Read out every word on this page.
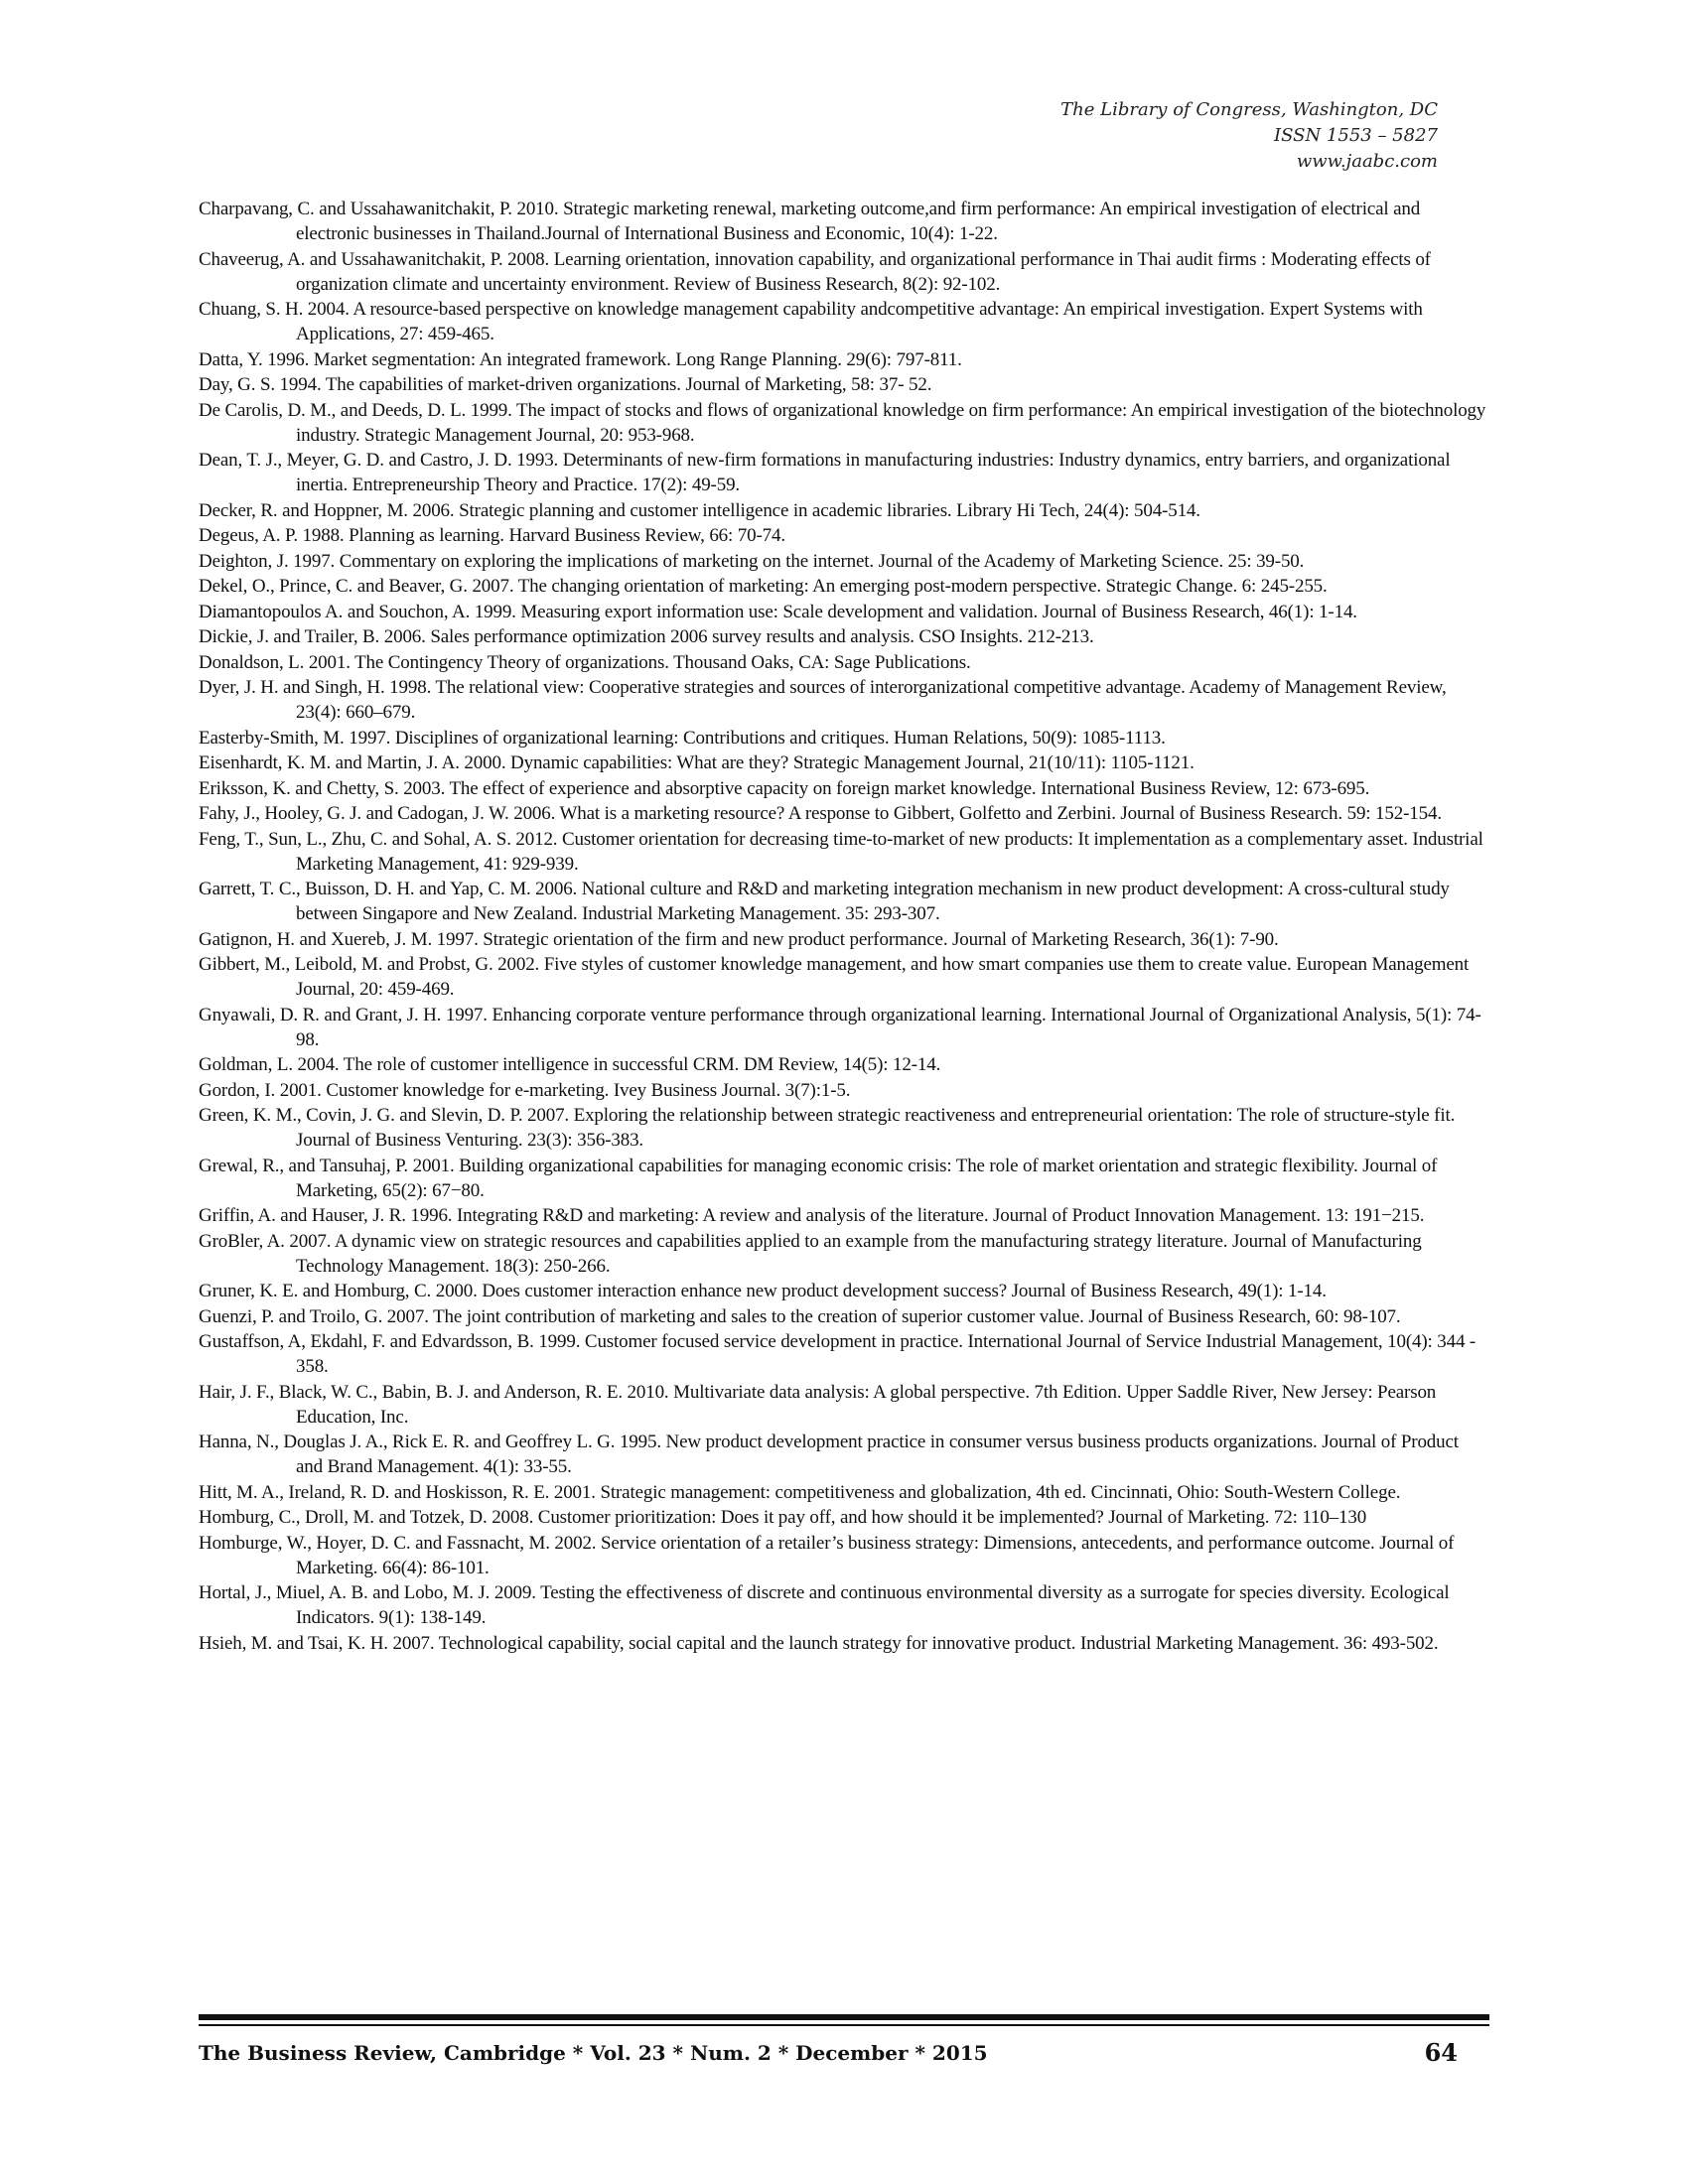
The Library of Congress, Washington, DC
ISSN 1553 – 5827
www.jaabc.com
Charpavang, C. and Ussahawanitchakit, P. 2010. Strategic marketing renewal, marketing outcome,and firm performance: An empirical investigation of electrical and electronic businesses in Thailand.Journal of International Business and Economic, 10(4): 1-22.
Chaveerug, A. and Ussahawanitchakit, P. 2008. Learning orientation, innovation capability, and organizational performance in Thai audit firms : Moderating effects of organization climate and uncertainty environment. Review of Business Research, 8(2): 92-102.
Chuang, S. H. 2004. A resource-based perspective on knowledge management capability andcompetitive advantage: An empirical investigation. Expert Systems with Applications, 27: 459-465.
Datta, Y. 1996. Market segmentation: An integrated framework. Long Range Planning. 29(6): 797-811.
Day, G. S. 1994. The capabilities of market-driven organizations. Journal of Marketing, 58: 37- 52.
De Carolis, D. M., and Deeds, D. L. 1999. The impact of stocks and flows of organizational knowledge on firm performance: An empirical investigation of the biotechnology industry. Strategic Management Journal, 20: 953-968.
Dean, T. J., Meyer, G. D. and Castro, J. D. 1993. Determinants of new-firm formations in manufacturing industries: Industry dynamics, entry barriers, and organizational inertia. Entrepreneurship Theory and Practice. 17(2): 49-59.
Decker, R. and Hoppner, M. 2006. Strategic planning and customer intelligence in academic libraries. Library Hi Tech, 24(4): 504-514.
Degeus, A. P. 1988. Planning as learning. Harvard Business Review, 66: 70-74.
Deighton, J. 1997. Commentary on exploring the implications of marketing on the internet. Journal of the Academy of Marketing Science. 25: 39-50.
Dekel, O., Prince, C. and Beaver, G. 2007. The changing orientation of marketing: An emerging post-modern perspective. Strategic Change. 6: 245-255.
Diamantopoulos A. and Souchon, A. 1999. Measuring export information use: Scale development and validation. Journal of Business Research, 46(1): 1-14.
Dickie, J. and Trailer, B. 2006. Sales performance optimization 2006 survey results and analysis. CSO Insights. 212-213.
Donaldson, L. 2001. The Contingency Theory of organizations. Thousand Oaks, CA: Sage Publications.
Dyer, J. H. and Singh, H. 1998. The relational view: Cooperative strategies and sources of interorganizational competitive advantage. Academy of Management Review, 23(4): 660–679.
Easterby-Smith, M. 1997. Disciplines of organizational learning: Contributions and critiques. Human Relations, 50(9): 1085-1113.
Eisenhardt, K. M. and Martin, J. A. 2000. Dynamic capabilities: What are they? Strategic Management Journal, 21(10/11): 1105-1121.
Eriksson, K. and Chetty, S. 2003. The effect of experience and absorptive capacity on foreign market knowledge. International Business Review, 12: 673-695.
Fahy, J., Hooley, G. J. and Cadogan, J. W. 2006. What is a marketing resource? A response to Gibbert, Golfetto and Zerbini. Journal of Business Research. 59: 152-154.
Feng, T., Sun, L., Zhu, C. and Sohal, A. S. 2012. Customer orientation for decreasing time-to-market of new products: It implementation as a complementary asset. Industrial Marketing Management, 41: 929-939.
Garrett, T. C., Buisson, D. H. and Yap, C. M. 2006. National culture and R&D and marketing integration mechanism in new product development: A cross-cultural study between Singapore and New Zealand. Industrial Marketing Management. 35: 293-307.
Gatignon, H. and Xuereb, J. M. 1997. Strategic orientation of the firm and new product performance. Journal of Marketing Research, 36(1): 7-90.
Gibbert, M., Leibold, M. and Probst, G. 2002. Five styles of customer knowledge management, and how smart companies use them to create value. European Management Journal, 20: 459-469.
Gnyawali, D. R. and Grant, J. H. 1997. Enhancing corporate venture performance through organizational learning. International Journal of Organizational Analysis, 5(1): 74-98.
Goldman, L. 2004. The role of customer intelligence in successful CRM. DM Review, 14(5): 12-14.
Gordon, I. 2001. Customer knowledge for e-marketing. Ivey Business Journal. 3(7):1-5.
Green, K. M., Covin, J. G. and Slevin, D. P. 2007. Exploring the relationship between strategic reactiveness and entrepreneurial orientation: The role of structure-style fit. Journal of Business Venturing. 23(3): 356-383.
Grewal, R., and Tansuhaj, P. 2001. Building organizational capabilities for managing economic crisis: The role of market orientation and strategic flexibility. Journal of Marketing, 65(2): 67−80.
Griffin, A. and Hauser, J. R. 1996. Integrating R&D and marketing: A review and analysis of the literature. Journal of Product Innovation Management. 13: 191−215.
GroBler, A. 2007. A dynamic view on strategic resources and capabilities applied to an example from the manufacturing strategy literature. Journal of Manufacturing Technology Management. 18(3): 250-266.
Gruner, K. E. and Homburg, C. 2000. Does customer interaction enhance new product development success? Journal of Business Research, 49(1): 1-14.
Guenzi, P. and Troilo, G. 2007. The joint contribution of marketing and sales to the creation of superior customer value. Journal of Business Research, 60: 98-107.
Gustaffson, A, Ekdahl, F. and Edvardsson, B. 1999. Customer focused service development in practice. International Journal of Service Industrial Management, 10(4): 344 - 358.
Hair, J. F., Black, W. C., Babin, B. J. and Anderson, R. E. 2010. Multivariate data analysis: A global perspective. 7th Edition. Upper Saddle River, New Jersey: Pearson Education, Inc.
Hanna, N., Douglas J. A., Rick E. R. and Geoffrey L. G. 1995. New product development practice in consumer versus business products organizations. Journal of Product and Brand Management. 4(1): 33-55.
Hitt, M. A., Ireland, R. D. and Hoskisson, R. E. 2001. Strategic management: competitiveness and globalization, 4th ed. Cincinnati, Ohio: South-Western College.
Homburg, C., Droll, M. and Totzek, D. 2008. Customer prioritization: Does it pay off, and how should it be implemented? Journal of Marketing. 72: 110–130
Homburge, W., Hoyer, D. C. and Fassnacht, M. 2002. Service orientation of a retailer’s business strategy: Dimensions, antecedents, and performance outcome. Journal of Marketing. 66(4): 86-101.
Hortal, J., Miuel, A. B. and Lobo, M. J. 2009. Testing the effectiveness of discrete and continuous environmental diversity as a surrogate for species diversity. Ecological Indicators. 9(1): 138-149.
Hsieh, M. and Tsai, K. H. 2007. Technological capability, social capital and the launch strategy for innovative product. Industrial Marketing Management. 36: 493-502.
The Business Review, Cambridge * Vol. 23 * Num. 2 * December * 2015	64
